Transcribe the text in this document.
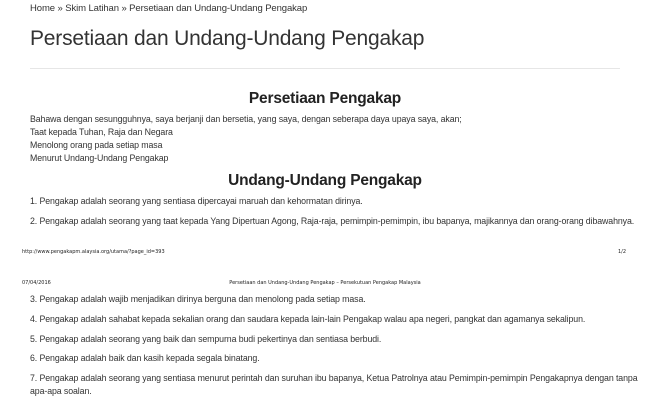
Home » Skim Latihan » Persetiaan dan Undang-Undang Pengakap
Persetiaan dan Undang-Undang Pengakap
Persetiaan Pengakap
Bahawa dengan sesungguhnya, saya berjanji dan bersetia, yang saya, dengan seberapa daya upaya saya, akan;
Taat kepada Tuhan, Raja dan Negara
Menolong orang pada setiap masa
Menurut Undang-Undang Pengakap
Undang-Undang Pengakap
1. Pengakap adalah seorang yang sentiasa dipercayai maruah dan kehormatan dirinya.
2. Pengakap adalah seorang yang taat kepada Yang Dipertuan Agong, Raja-raja, pemimpin-pemimpin, ibu bapanya, majikannya dan orang-orang dibawahnya.
http://www.pengakapm.alaysia.org/utama/?page_id=393	1/2
07/04/2016	Persetiaan dan Undang-Undang Pengakap – Persekutuan Pengakap Malaysia
3. Pengakap adalah wajib menjadikan dirinya berguna dan menolong pada setiap masa.
4. Pengakap adalah sahabat kepada sekalian orang dan saudara kepada lain-lain Pengakap walau apa negeri, pangkat dan agamanya sekalipun.
5. Pengakap adalah seorang yang baik dan sempurna budi pekertinya dan sentiasa berbudi.
6. Pengakap adalah baik dan kasih kepada segala binatang.
7. Pengakap adalah seorang yang sentiasa menurut perintah dan suruhan ibu bapanya, Ketua Patrolnya atau Pemimpin-pemimpin Pengakapnya dengan tanpa
apa-apa soalan.
